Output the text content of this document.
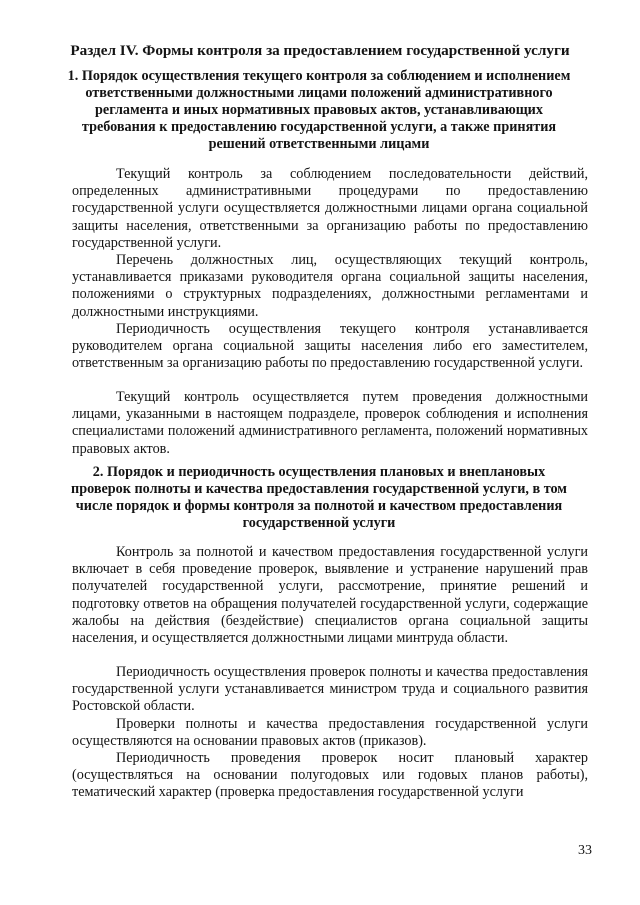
Раздел IV. Формы контроля за предоставлением государственной услуги
1. Порядок осуществления текущего контроля за соблюдением и исполнением ответственными должностными лицами положений административного регламента и иных нормативных правовых актов, устанавливающих требования к предоставлению государственной услуги, а также принятия решений ответственными лицами

Текущий контроль за соблюдением последовательности действий, определенных административными процедурами по предоставлению государственной услуги осуществляется должностными лицами органа социальной защиты населения, ответственными за организацию работы по предоставлению государственной услуги.

Перечень должностных лиц, осуществляющих текущий контроль, устанавливается приказами руководителя органа социальной защиты населения, положениями о структурных подразделениях, должностными регламентами и должностными инструкциями.

Периодичность осуществления текущего контроля устанавливается руководителем органа социальной защиты населения либо его заместителем, ответственным за организацию работы по предоставлению государственной услуги.

Текущий контроль осуществляется путем проведения должностными лицами, указанными в настоящем подразделе, проверок соблюдения и исполнения специалистами положений административного регламента, положений нормативных правовых актов.

2. Порядок и периодичность осуществления плановых и внеплановых проверок полноты и качества предоставления государственной услуги, в том числе порядок и формы контроля за полнотой и качеством предоставления государственной услуги

Контроль за полнотой и качеством предоставления государственной услуги включает в себя проведение проверок, выявление и устранение нарушений прав получателей государственной услуги, рассмотрение, принятие решений и подготовку ответов на обращения получателей государственной услуги, содержащие жалобы на действия (бездействие) специалистов органа социальной защиты населения, и осуществляется должностными лицами минтруда области.

Периодичность осуществления проверок полноты и качества предоставления государственной услуги устанавливается министром труда и социального развития Ростовской области.

Проверки полноты и качества предоставления государственной услуги осуществляются на основании правовых актов (приказов).

Периодичность проведения проверок носит плановый характер (осуществляться на основании полугодовых или годовых планов работы), тематический характер (проверка предоставления государственной услуги

33
